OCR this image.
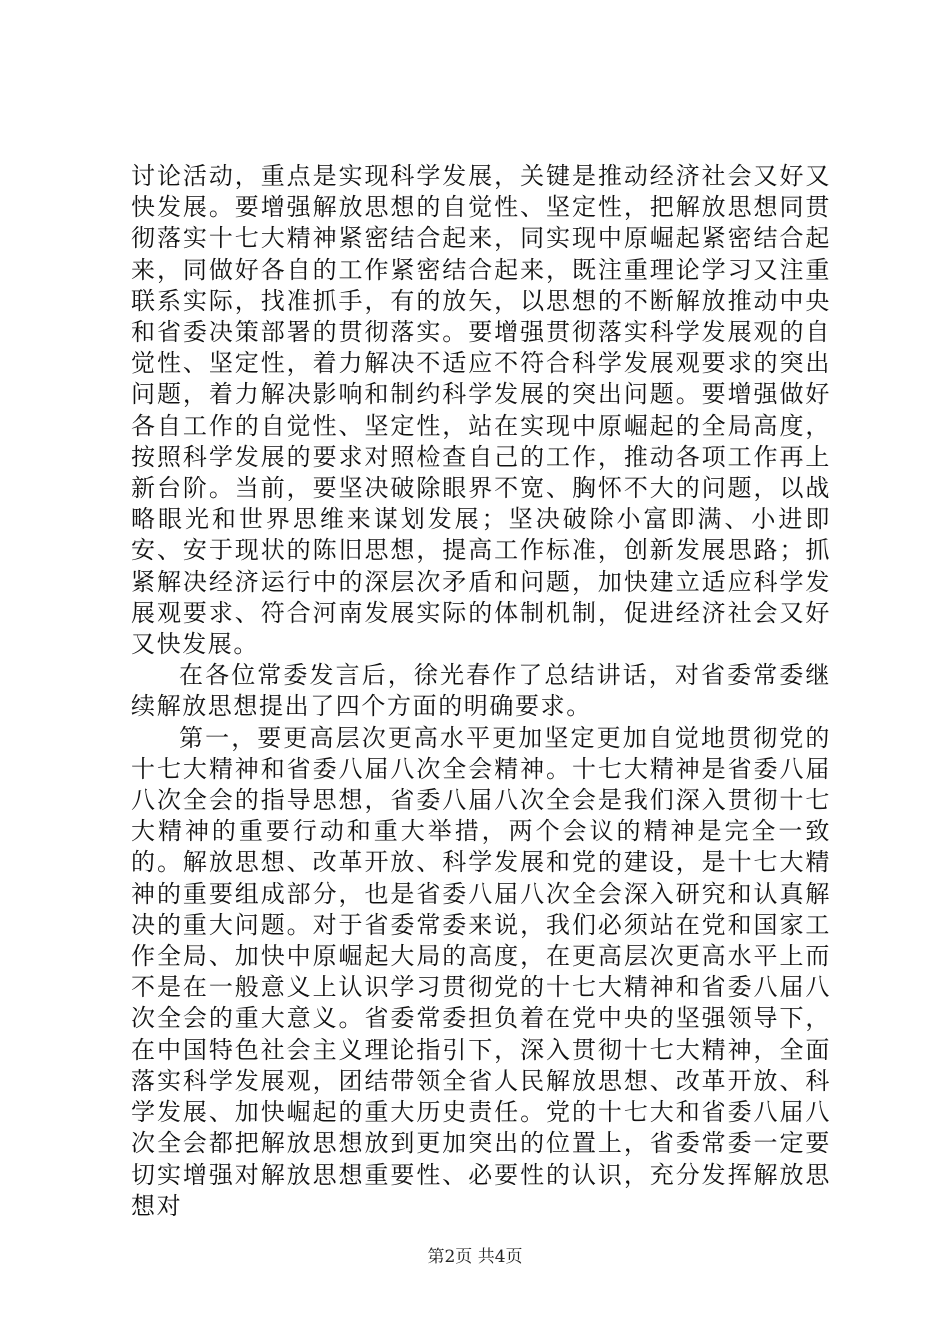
讨论活动，重点是实现科学发展，关键是推动经济社会又好又快发展。要增强解放思想的自觉性、坚定性，把解放思想同贯彻落实十七大精神紧密结合起来，同实现中原崛起紧密结合起来，同做好各自的工作紧密结合起来，既注重理论学习又注重联系实际，找准抓手，有的放矢，以思想的不断解放推动中央和省委决策部署的贯彻落实。要增强贯彻落实科学发展观的自觉性、坚定性，着力解决不适应不符合科学发展观要求的突出问题，着力解决影响和制约科学发展的突出问题。要增强做好各自工作的自觉性、坚定性，站在实现中原崛起的全局高度，按照科学发展的要求对照检查自己的工作，推动各项工作再上新台阶。当前，要坚决破除眼界不宽、胸怀不大的问题，以战略眼光和世界思维来谋划发展；坚决破除小富即满、小进即安、安于现状的陈旧思想，提高工作标准，创新发展思路；抓紧解决经济运行中的深层次矛盾和问题，加快建立适应科学发展观要求、符合河南发展实际的体制机制，促进经济社会又好又快发展。

在各位常委发言后，徐光春作了总结讲话，对省委常委继续解放思想提出了四个方面的明确要求。

第一，要更高层次更高水平更加坚定更加自觉地贯彻党的十七大精神和省委八届八次全会精神。十七大精神是省委八届八次全会的指导思想，省委八届八次全会是我们深入贯彻十七大精神的重要行动和重大举措，两个会议的精神是完全一致的。解放思想、改革开放、科学发展和党的建设，是十七大精神的重要组成部分，也是省委八届八次全会深入研究和认真解决的重大问题。对于省委常委来说，我们必须站在党和国家工作全局、加快中原崛起大局的高度，在更高层次更高水平上而不是在一般意义上认识学习贯彻党的十七大精神和省委八届八次全会的重大意义。省委常委担负着在党中央的坚强领导下，在中国特色社会主义理论指引下，深入贯彻十七大精神，全面落实科学发展观，团结带领全省人民解放思想、改革开放、科学发展、加快崛起的重大历史责任。党的十七大和省委八届八次全会都把解放思想放到更加突出的位置上，省委常委一定要切实增强对解放思想重要性、必要性的认识，充分发挥解放思想对

第2页 共4页
